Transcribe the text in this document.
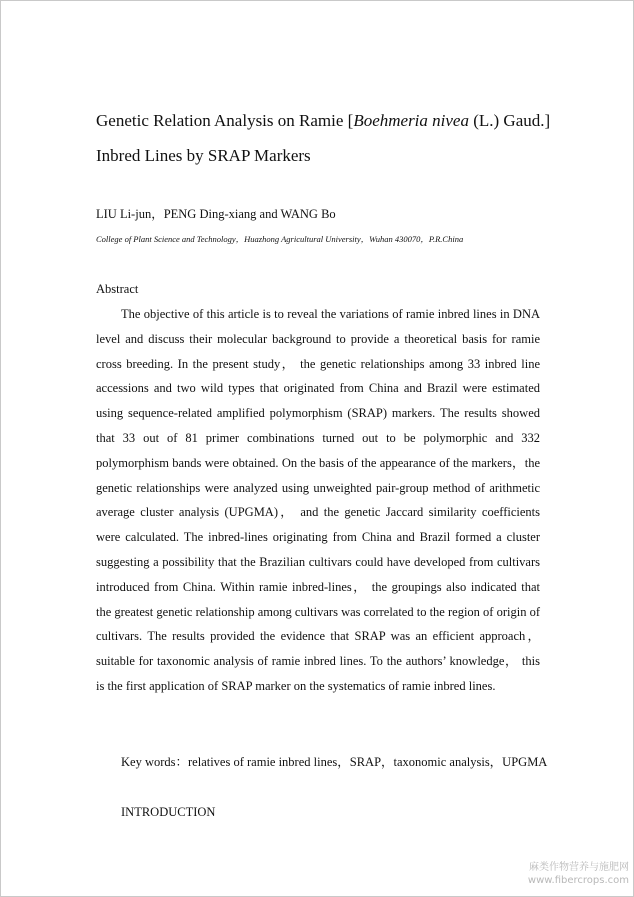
Genetic Relation Analysis on Ramie [Boehmeria nivea (L.) Gaud.] Inbred Lines by SRAP Markers
LIU Li-jun，PENG Ding-xiang and WANG Bo
College of Plant Science and Technology，Huazhong Agricultural University，Wuhan 430070，P.R.China
Abstract

The objective of this article is to reveal the variations of ramie inbred lines in DNA level and discuss their molecular background to provide a theoretical basis for ramie cross breeding. In the present study， the genetic relationships among 33 inbred line accessions and two wild types that originated from China and Brazil were estimated using sequence-related amplified polymorphism (SRAP) markers. The results showed that 33 out of 81 primer combinations turned out to be polymorphic and 332 polymorphism bands were obtained. On the basis of the appearance of the markers，the genetic relationships were analyzed using unweighted pair-group method of arithmetic average cluster analysis (UPGMA)， and the genetic Jaccard similarity coefficients were calculated. The inbred-lines originating from China and Brazil formed a cluster suggesting a possibility that the Brazilian cultivars could have developed from cultivars introduced from China. Within ramie inbred-lines， the groupings also indicated that the greatest genetic relationship among cultivars was correlated to the region of origin of cultivars. The results provided the evidence that SRAP was an efficient approach，suitable for taxonomic analysis of ramie inbred lines. To the authors’ knowledge， this is the first application of SRAP marker on the systematics of ramie inbred lines.

Key words：relatives of ramie inbred lines，SRAP，taxonomic analysis，UPGMA
INTRODUCTION
麻类作物营养与施肥网
www.fibercrops.com
